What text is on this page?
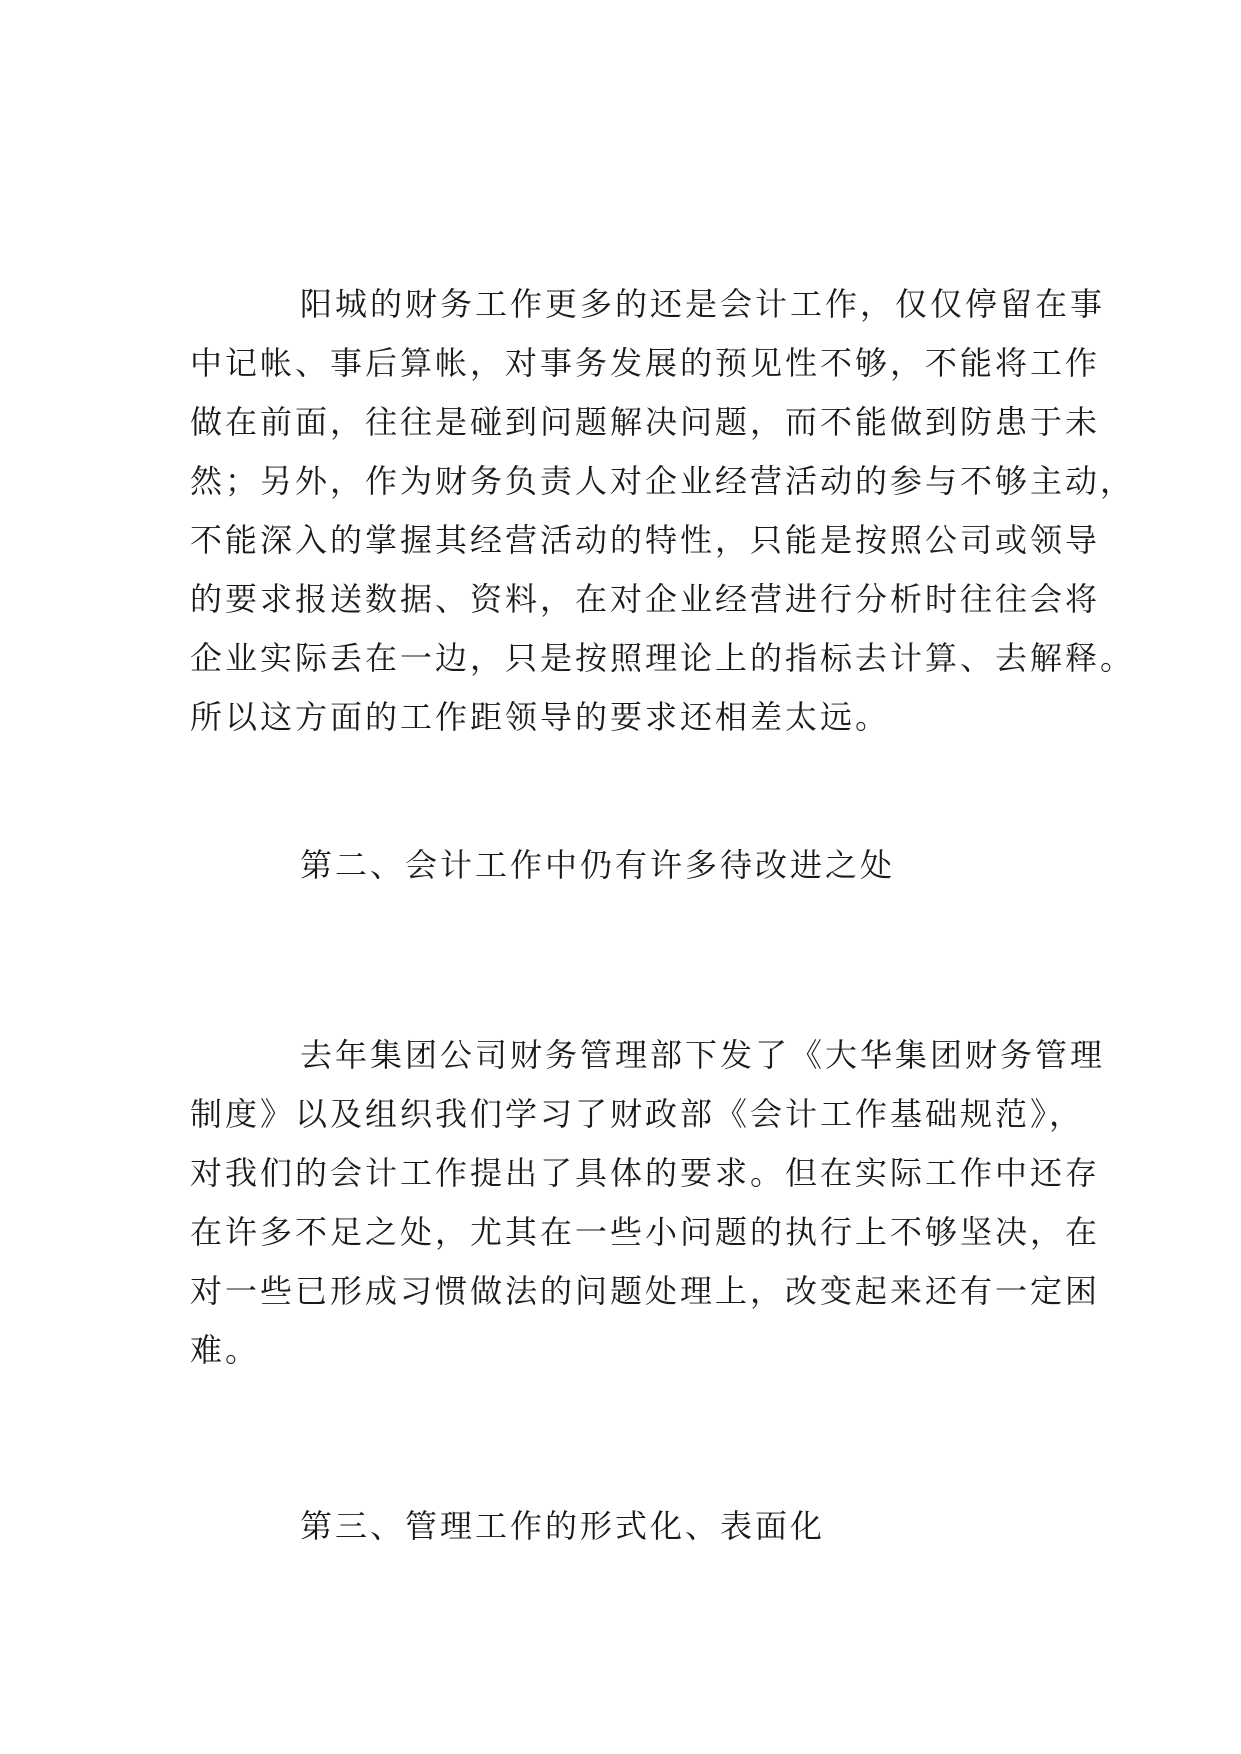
阳城的财务工作更多的还是会计工作，仅仅停留在事
中记帐、事后算帐，对事务发展的预见性不够，不能将工作
做在前面，往往是碰到问题解决问题，而不能做到防患于未
然；另外，作为财务负责人对企业经营活动的参与不够主动，
不能深入的掌握其经营活动的特性，只能是按照公司或领导
的要求报送数据、资料，在对企业经营进行分析时往往会将
企业实际丢在一边，只是按照理论上的指标去计算、去解释。
所以这方面的工作距领导的要求还相差太远。

第二、会计工作中仍有许多待改进之处

去年集团公司财务管理部下发了《大华集团财务管理
制度》以及组织我们学习了财政部《会计工作基础规范》，
对我们的会计工作提出了具体的要求。但在实际工作中还存
在许多不足之处，尤其在一些小问题的执行上不够坚决，在
对一些已形成习惯做法的问题处理上，改变起来还有一定困
难。

第三、管理工作的形式化、表面化
